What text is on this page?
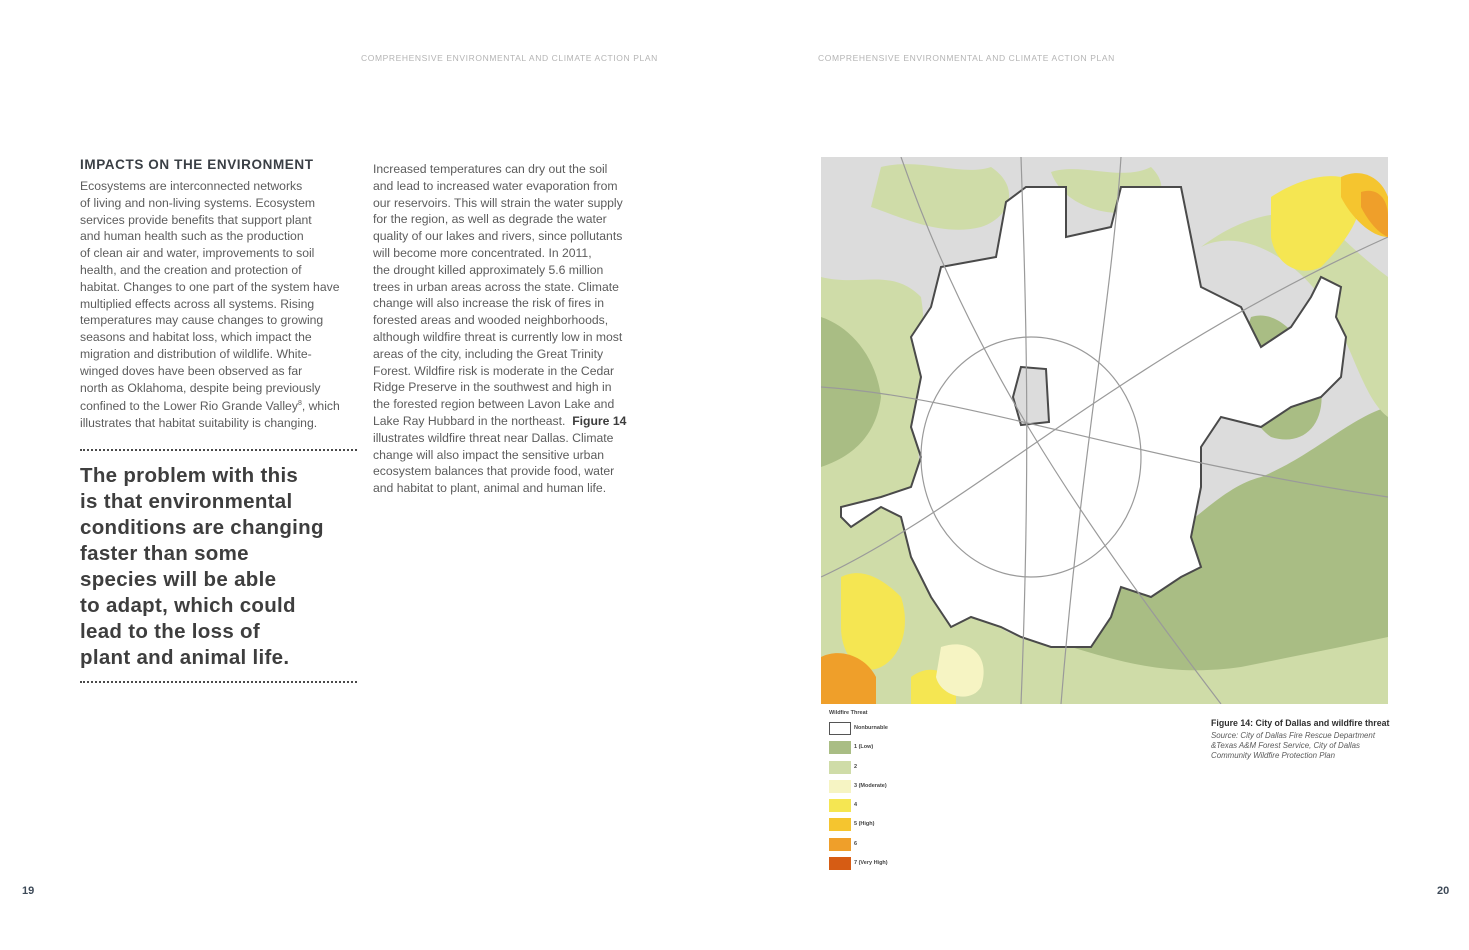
COMPREHENSIVE ENVIRONMENTAL AND CLIMATE ACTION PLAN	COMPREHENSIVE ENVIRONMENTAL AND CLIMATE ACTION PLAN
IMPACTS ON THE ENVIRONMENT
Ecosystems are interconnected networks
of living and non-living systems. Ecosystem
services provide benefits that support plant
and human health such as the production
of clean air and water, improvements to soil
health, and the creation and protection of
habitat. Changes to one part of the system have
multiplied effects across all systems. Rising
temperatures may cause changes to growing
seasons and habitat loss, which impact the
migration and distribution of wildlife. White-
winged doves have been observed as far
north as Oklahoma, despite being previously
confined to the Lower Rio Grande Valley$^8$, which
illustrates that habitat suitability is changing.
The problem with this
is that environmental
conditions are changing
faster than some
species will be able
to adapt, which could
lead to the loss of
plant and animal life.
Increased temperatures can dry out the soil
and lead to increased water evaporation from
our reservoirs. This will strain the water supply
for the region, as well as degrade the water
quality of our lakes and rivers, since pollutants
will become more concentrated. In 2011,
the drought killed approximately 5.6 million
trees in urban areas across the state. Climate
change will also increase the risk of fires in
forested areas and wooded neighborhoods,
although wildfire threat is currently low in most
areas of the city, including the Great Trinity
Forest. Wildfire risk is moderate in the Cedar
Ridge Preserve in the southwest and high in
the forested region between Lavon Lake and
Lake Ray Hubbard in the northeast.  Figure 14
illustrates wildfire threat near Dallas. Climate
change will also impact the sensitive urban
ecosystem balances that provide food, water
and habitat to plant, animal and human life.
19	20
Wildfire Threat
Nonburnable
1 (Low)
2
3 (Moderate)
4
5 (High)
6
7 (Very High)
Figure 14: City of Dallas and wildfire threat
Source: City of Dallas Fire Rescue Department
&Texas A&M Forest Service, City of Dallas
Community Wildfire Protection Plan
